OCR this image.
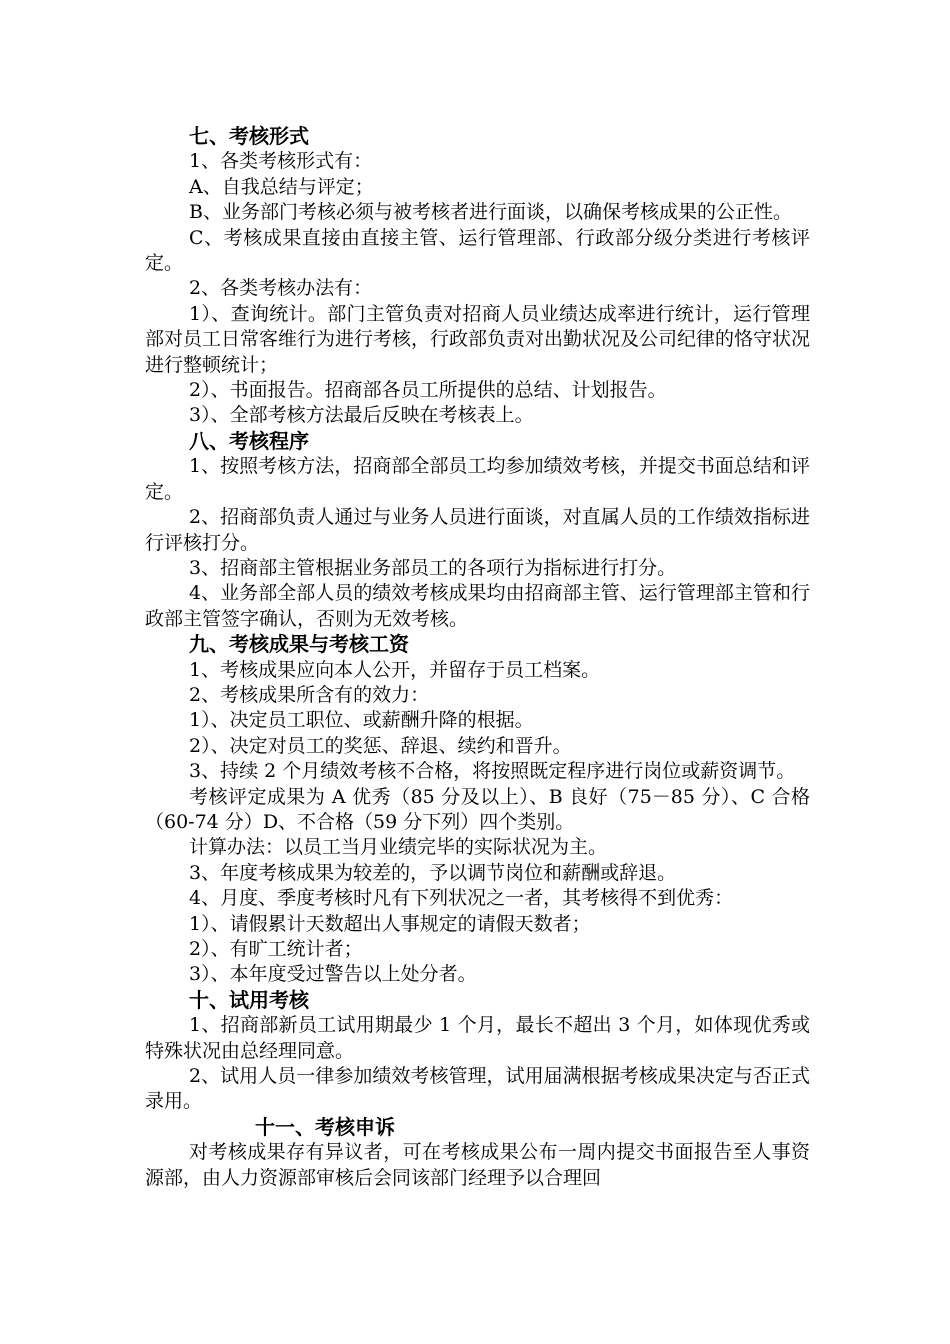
七、考核形式

1、各类考核形式有：

A、自我总结与评定；

B、业务部门考核必须与被考核者进行面谈，以确保考核成果的公正性。

C、考核成果直接由直接主管、运行管理部、行政部分级分类进行考核评定。

2、各类考核办法有：

1）、查询统计。部门主管负责对招商人员业绩达成率进行统计，运行管理部对员工日常客维行为进行考核，行政部负责对出勤状况及公司纪律的恪守状况进行整顿统计；

2）、书面报告。招商部各员工所提供的总结、计划报告。

3）、全部考核方法最后反映在考核表上。

八、考核程序

1、按照考核方法，招商部全部员工均参加绩效考核，并提交书面总结和评定。

2、招商部负责人通过与业务人员进行面谈，对直属人员的工作绩效指标进行评核打分。

3、招商部主管根据业务部员工的各项行为指标进行打分。

4、业务部全部人员的绩效考核成果均由招商部主管、运行管理部主管和行政部主管签字确认，否则为无效考核。

九、考核成果与考核工资

1、考核成果应向本人公开，并留存于员工档案。

2、考核成果所含有的效力：

1）、决定员工职位、或薪酬升降的根据。

2）、决定对员工的奖惩、辞退、续约和晋升。

3、持续 2 个月绩效考核不合格，将按照既定程序进行岗位或薪资调节。

考核评定成果为 A 优秀（85 分及以上）、B 良好（75－85 分）、C 合格（60-74 分）D、不合格（59 分下列）四个类别。

计算办法：以员工当月业绩完毕的实际状况为主。

3、年度考核成果为较差的，予以调节岗位和薪酬或辞退。

4、月度、季度考核时凡有下列状况之一者，其考核得不到优秀：

1）、请假累计天数超出人事规定的请假天数者；

2）、有旷工统计者；

3）、本年度受过警告以上处分者。

十、试用考核

1、招商部新员工试用期最少 1 个月，最长不超出 3 个月，如体现优秀或特殊状况由总经理同意。

2、试用人员一律参加绩效考核管理，试用届满根据考核成果决定与否正式录用。

十一、考核申诉

对考核成果存有异议者，可在考核成果公布一周内提交书面报告至人事资源部，由人力资源部审核后会同该部门经理予以合理回
